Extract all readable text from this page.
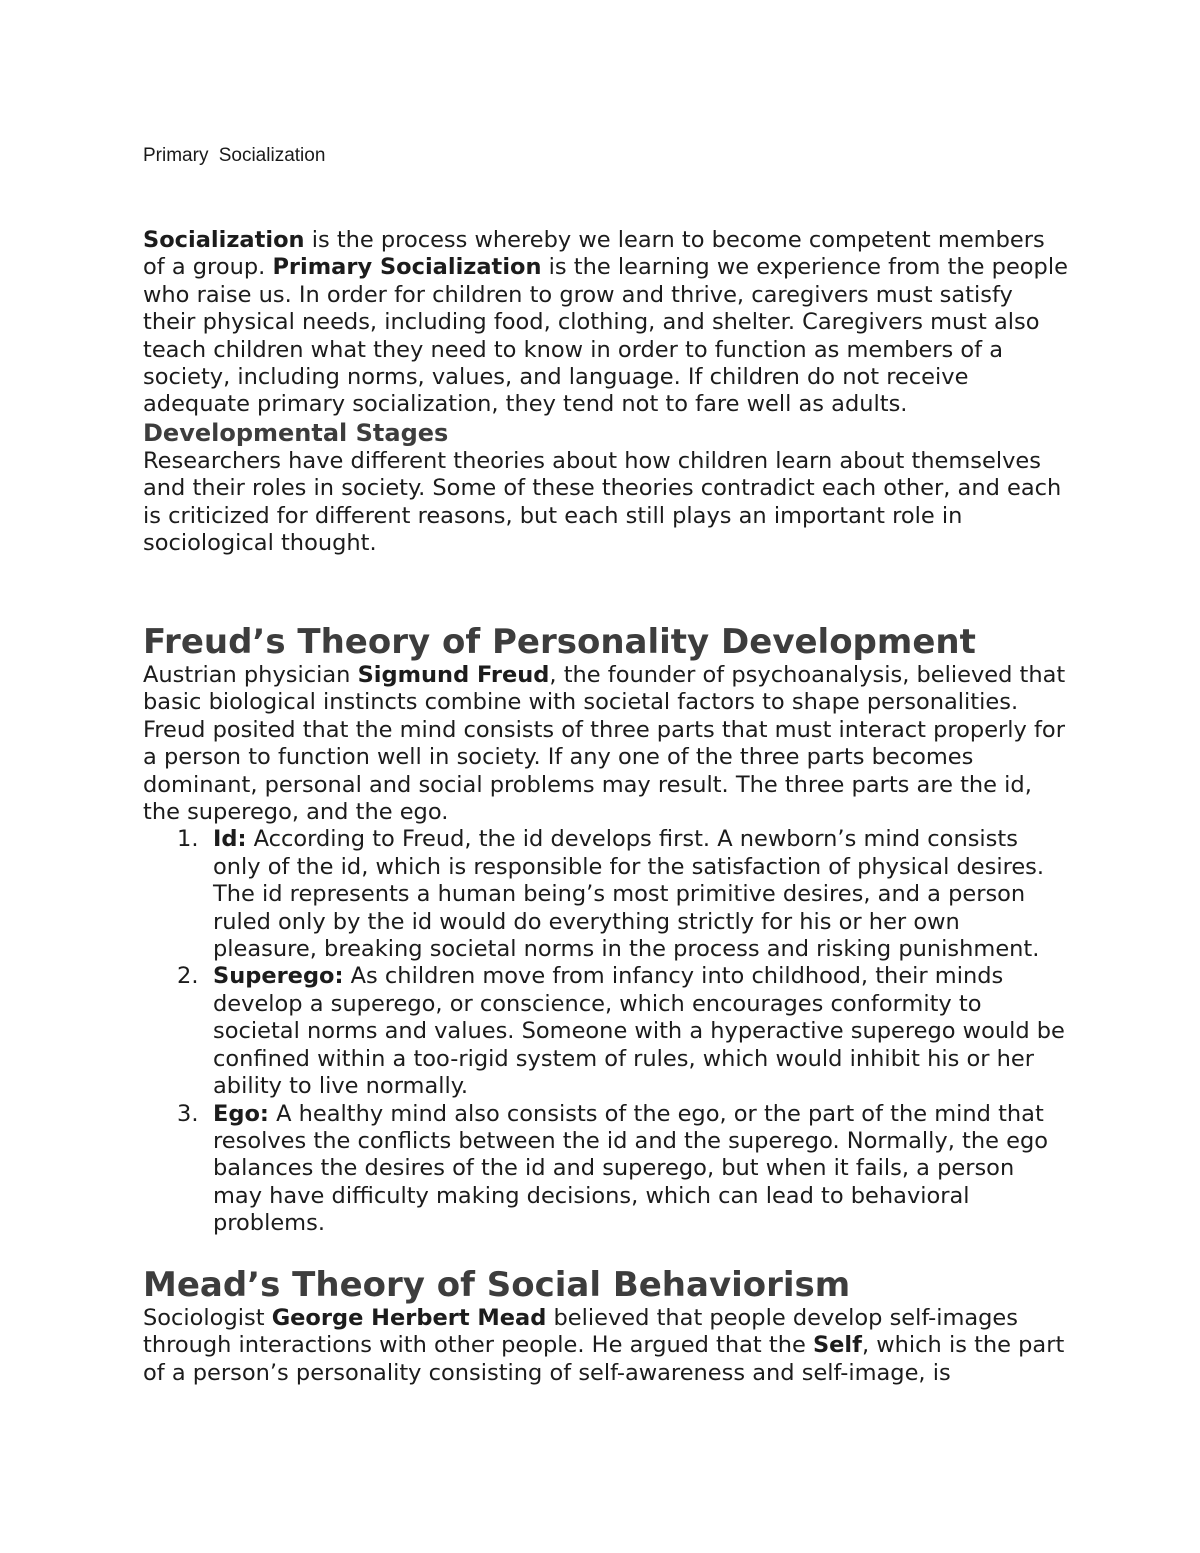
Primary Socialization

Socialization is the process whereby we learn to become competent members of a group. Primary Socialization is the learning we experience from the people who raise us. In order for children to grow and thrive, caregivers must satisfy their physical needs, including food, clothing, and shelter. Caregivers must also teach children what they need to know in order to function as members of a society, including norms, values, and language. If children do not receive adequate primary socialization, they tend not to fare well as adults.

Developmental Stages

Researchers have different theories about how children learn about themselves and their roles in society. Some of these theories contradict each other, and each is criticized for different reasons, but each still plays an important role in sociological thought.

Freud’s Theory of Personality Development

Austrian physician Sigmund Freud, the founder of psychoanalysis, believed that basic biological instincts combine with societal factors to shape personalities. Freud posited that the mind consists of three parts that must interact properly for a person to function well in society. If any one of the three parts becomes dominant, personal and social problems may result. The three parts are the id, the superego, and the ego.

1. Id: According to Freud, the id develops first. A newborn’s mind consists only of the id, which is responsible for the satisfaction of physical desires. The id represents a human being’s most primitive desires, and a person ruled only by the id would do everything strictly for his or her own pleasure, breaking societal norms in the process and risking punishment.
2. Superego: As children move from infancy into childhood, their minds develop a superego, or conscience, which encourages conformity to societal norms and values. Someone with a hyperactive superego would be confined within a too-rigid system of rules, which would inhibit his or her ability to live normally.
3. Ego: A healthy mind also consists of the ego, or the part of the mind that resolves the conflicts between the id and the superego. Normally, the ego balances the desires of the id and superego, but when it fails, a person may have difficulty making decisions, which can lead to behavioral problems.
Mead’s Theory of Social Behaviorism

Sociologist George Herbert Mead believed that people develop self-images through interactions with other people. He argued that the Self, which is the part of a person’s personality consisting of self-awareness and self-image, is
